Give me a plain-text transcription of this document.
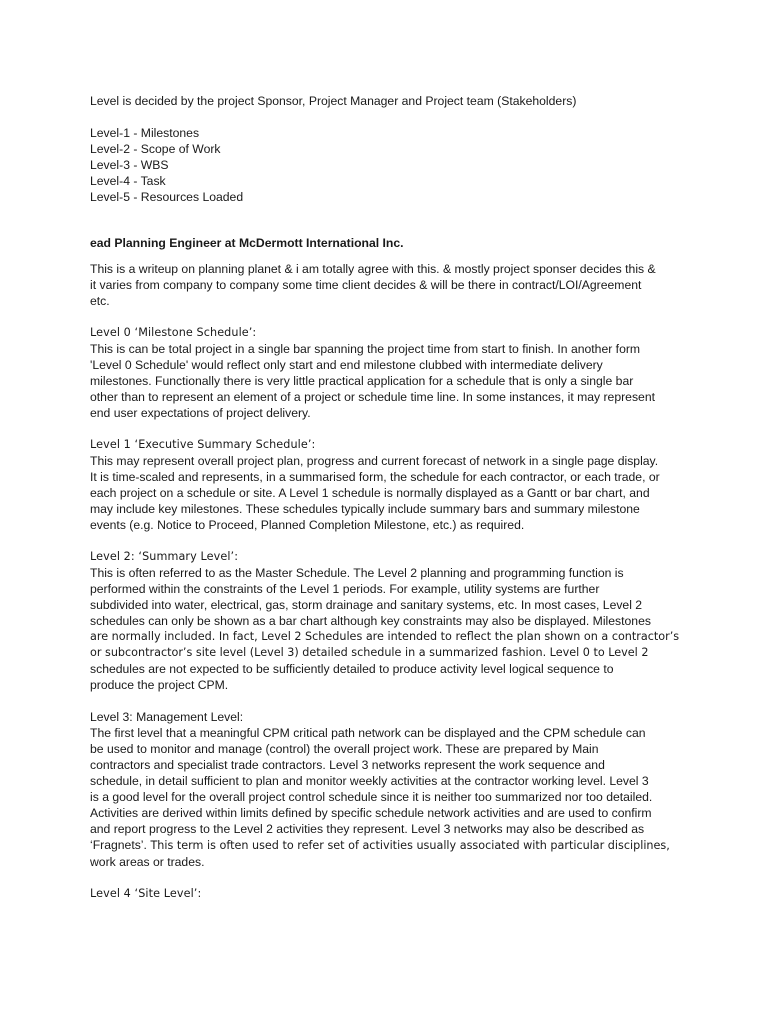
Level is decided by the project Sponsor, Project Manager and Project team (Stakeholders)
Level-1 - Milestones
Level-2 - Scope of Work
Level-3 - WBS
Level-4 - Task
Level-5 - Resources Loaded
ead Planning Engineer at McDermott International Inc.
This is a writeup on planning planet & i am totally agree with this. & mostly project sponser decides this &
it varies from company to company some time client decides & will be there in contract/LOI/Agreement
etc.
Level 0 ‘Milestone Schedule’:
This is can be total project in a single bar spanning the project time from start to finish. In another form
'Level 0 Schedule' would reflect only start and end milestone clubbed with intermediate delivery
milestones. Functionally there is very little practical application for a schedule that is only a single bar
other than to represent an element of a project or schedule time line. In some instances, it may represent
end user expectations of project delivery.
Level 1 ‘Executive Summary Schedule’:
This may represent overall project plan, progress and current forecast of network in a single page display.
It is time-scaled and represents, in a summarised form, the schedule for each contractor, or each trade, or
each project on a schedule or site. A Level 1 schedule is normally displayed as a Gantt or bar chart, and
may include key milestones. These schedules typically include summary bars and summary milestone
events (e.g. Notice to Proceed, Planned Completion Milestone, etc.) as required.
Level 2: ‘Summary Level’:
This is often referred to as the Master Schedule. The Level 2 planning and programming function is
performed within the constraints of the Level 1 periods. For example, utility systems are further
subdivided into water, electrical, gas, storm drainage and sanitary systems, etc. In most cases, Level 2
schedules can only be shown as a bar chart although key constraints may also be displayed. Milestones
are normally included. In fact, Level 2 Schedules are intended to reflect the plan shown on a contractor’s
or subcontractor’s site level (Level 3) detailed schedule in a summarized fashion. Level 0 to Level 2
schedules are not expected to be sufficiently detailed to produce activity level logical sequence to
produce the project CPM.
Level 3: Management Level:
The first level that a meaningful CPM critical path network can be displayed and the CPM schedule can
be used to monitor and manage (control) the overall project work. These are prepared by Main
contractors and specialist trade contractors. Level 3 networks represent the work sequence and
schedule, in detail sufficient to plan and monitor weekly activities at the contractor working level. Level 3
is a good level for the overall project control schedule since it is neither too summarized nor too detailed.
Activities are derived within limits defined by specific schedule network activities and are used to confirm
and report progress to the Level 2 activities they represent. Level 3 networks may also be described as
‘Fragnets’. This term is often used to refer set of activities usually associated with particular disciplines,
work areas or trades.
Level 4 ‘Site Level’:
